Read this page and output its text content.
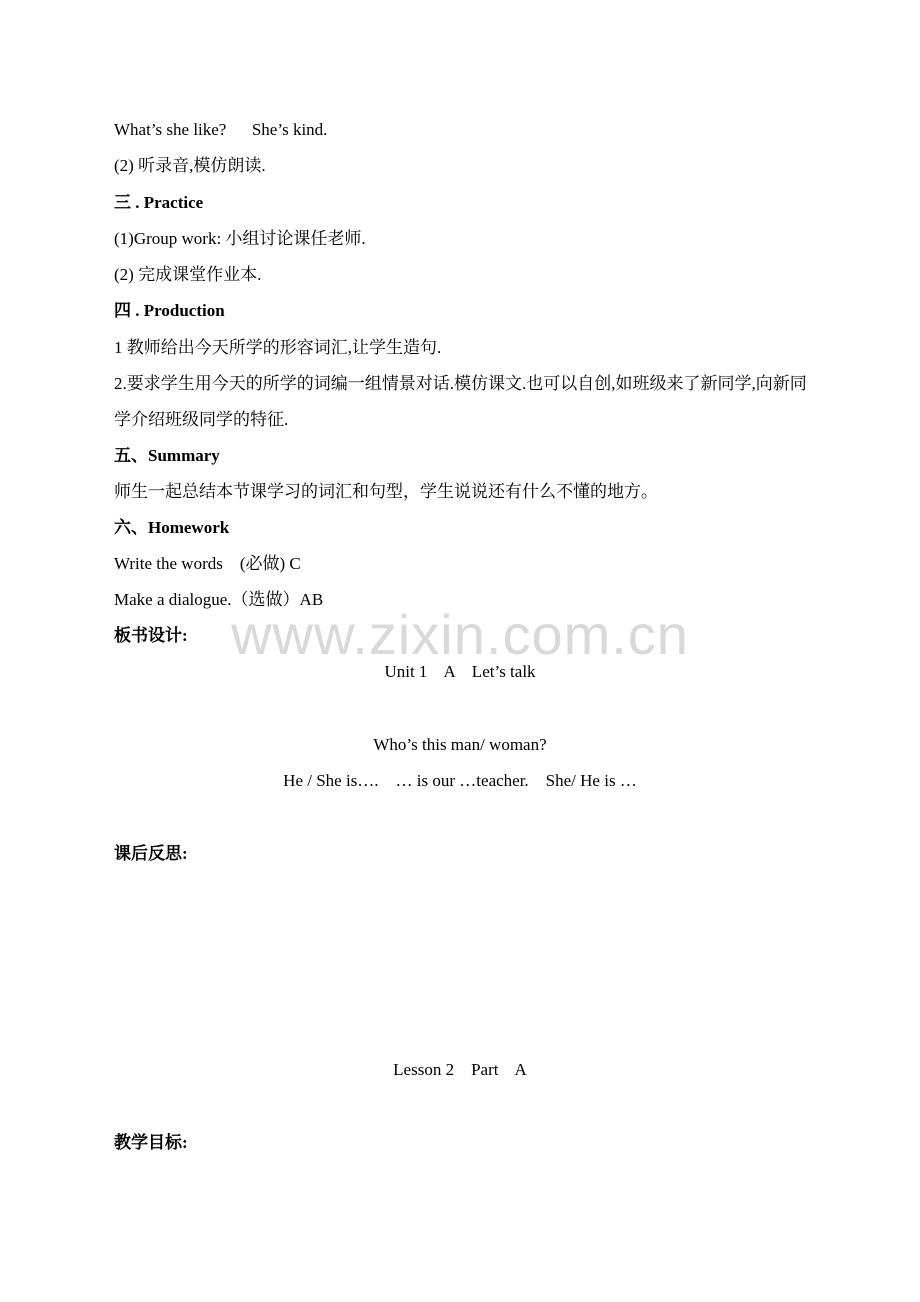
www.zixin.com.cn
What’s she like?      She’s kind.
(2) 听录音,模仿朗读.
三 . Practice
(1)Group work: 小组讨论课任老师.
(2) 完成课堂作业本.
四 . Production
1 教师给出今天所学的形容词汇,让学生造句.
2.要求学生用今天的所学的词编一组情景对话.模仿课文.也可以自创,如班级来了新同学,向新同学介绍班级同学的特征.
五、Summary
师生一起总结本节课学习的词汇和句型，学生说说还有什么不懂的地方。
六、Homework
Write the words    (必做) C
Make a dialogue.（选做）AB
板书设计:
Unit 1    A    Let’s talk
Who’s this man/ woman?
He / She is….    … is our …teacher.    She/ He is …
课后反思:
Lesson 2    Part    A
教学目标:
